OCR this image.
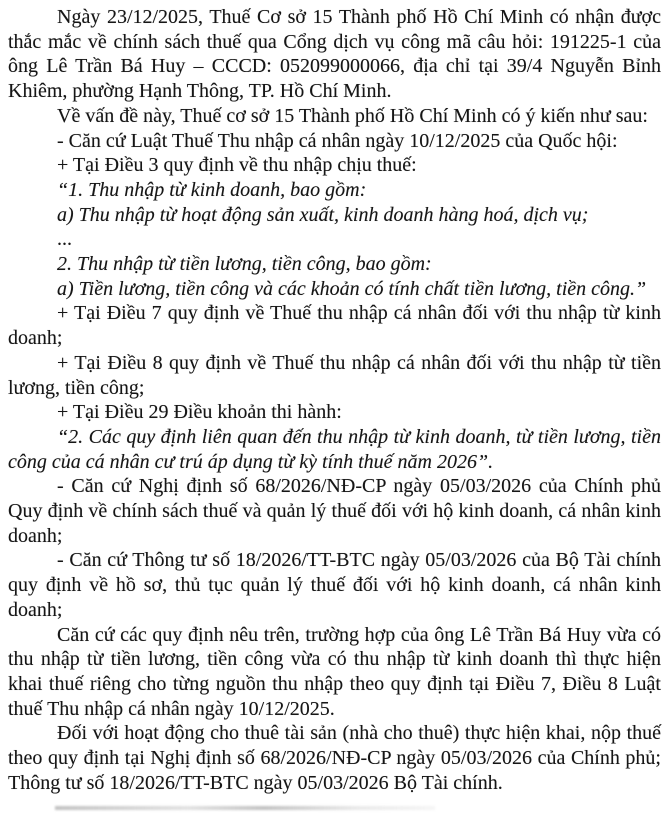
Ngày 23/12/2025, Thuế Cơ sở 15 Thành phố Hồ Chí Minh có nhận được thắc mắc về chính sách thuế qua Cổng dịch vụ công mã câu hỏi: 191225-1 của ông Lê Trần Bá Huy – CCCD: 052099000066, địa chỉ tại 39/4 Nguyễn Bỉnh Khiêm, phường Hạnh Thông, TP. Hồ Chí Minh.

Về vấn đề này, Thuế cơ sở 15 Thành phố Hồ Chí Minh có ý kiến như sau:

- Căn cứ Luật Thuế Thu nhập cá nhân ngày 10/12/2025 của Quốc hội:

+ Tại Điều 3 quy định về thu nhập chịu thuế:

“1. Thu nhập từ kinh doanh, bao gồm:

a) Thu nhập từ hoạt động sản xuất, kinh doanh hàng hoá, dịch vụ;

...

2. Thu nhập từ tiền lương, tiền công, bao gồm:

a) Tiền lương, tiền công và các khoản có tính chất tiền lương, tiền công.”

+ Tại Điều 7 quy định về Thuế thu nhập cá nhân đối với thu nhập từ kinh doanh;

+ Tại Điều 8 quy định về Thuế thu nhập cá nhân đối với thu nhập từ tiền lương, tiền công;

+ Tại Điều 29 Điều khoản thi hành:

“2. Các quy định liên quan đến thu nhập từ kinh doanh, từ tiền lương, tiền công của cá nhân cư trú áp dụng từ kỳ tính thuế năm 2026”.

- Căn cứ Nghị định số 68/2026/NĐ-CP ngày 05/03/2026 của Chính phủ Quy định về chính sách thuế và quản lý thuế đối với hộ kinh doanh, cá nhân kinh doanh;

- Căn cứ Thông tư số 18/2026/TT-BTC ngày 05/03/2026 của Bộ Tài chính quy định về hồ sơ, thủ tục quản lý thuế đối với hộ kinh doanh, cá nhân kinh doanh;

Căn cứ các quy định nêu trên, trường hợp của ông Lê Trần Bá Huy vừa có thu nhập từ tiền lương, tiền công vừa có thu nhập từ kinh doanh thì thực hiện khai thuế riêng cho từng nguồn thu nhập theo quy định tại Điều 7, Điều 8 Luật thuế Thu nhập cá nhân ngày 10/12/2025.

Đối với hoạt động cho thuê tài sản (nhà cho thuê) thực hiện khai, nộp thuế theo quy định tại Nghị định số 68/2026/NĐ-CP ngày 05/03/2026 của Chính phủ; Thông tư số 18/2026/TT-BTC ngày 05/03/2026 Bộ Tài chính.
